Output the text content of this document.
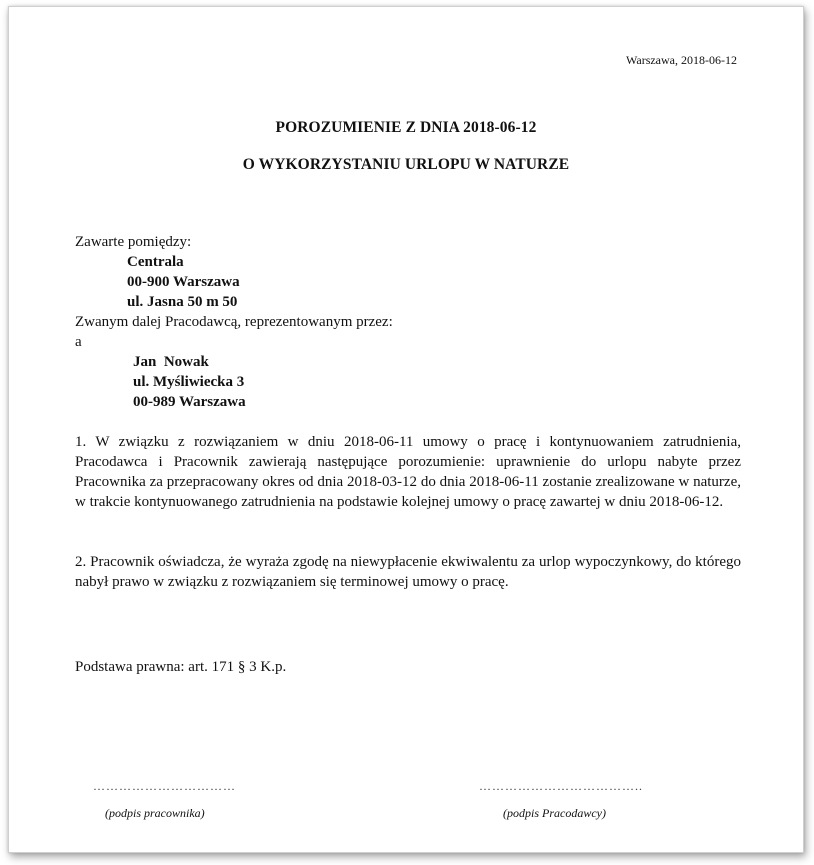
Warszawa, 2018-06-12
POROZUMIENIE Z DNIA 2018-06-12
O WYKORZYSTANIU URLOPU W NATURZE
Zawarte pomiędzy:
Centrala
00-900 Warszawa
ul. Jasna 50 m 50
Zwanym dalej Pracodawcą, reprezentowanym przez:
a
Jan  Nowak
ul. Myśliwiecka 3
00-989 Warszawa
1. W związku z rozwiązaniem w dniu 2018-06-11 umowy o pracę i kontynuowaniem zatrudnienia, Pracodawca i Pracownik zawierają następujące porozumienie: uprawnienie do urlopu nabyte przez Pracownika za przepracowany okres od dnia 2018-03-12 do dnia 2018-06-11 zostanie zrealizowane w naturze, w trakcie kontynuowanego zatrudnienia na podstawie kolejnej umowy o pracę zawartej w dniu 2018-06-12.
2. Pracownik oświadcza, że wyraża zgodę na niewypłacenie ekwiwalentu za urlop wypoczynkowy, do którego nabył prawo w związku z rozwiązaniem się terminowej umowy o pracę.
Podstawa prawna: art. 171 § 3 K.p.
……………………………	………………………………..
(podpis pracownika)	(podpis Pracodawcy)
